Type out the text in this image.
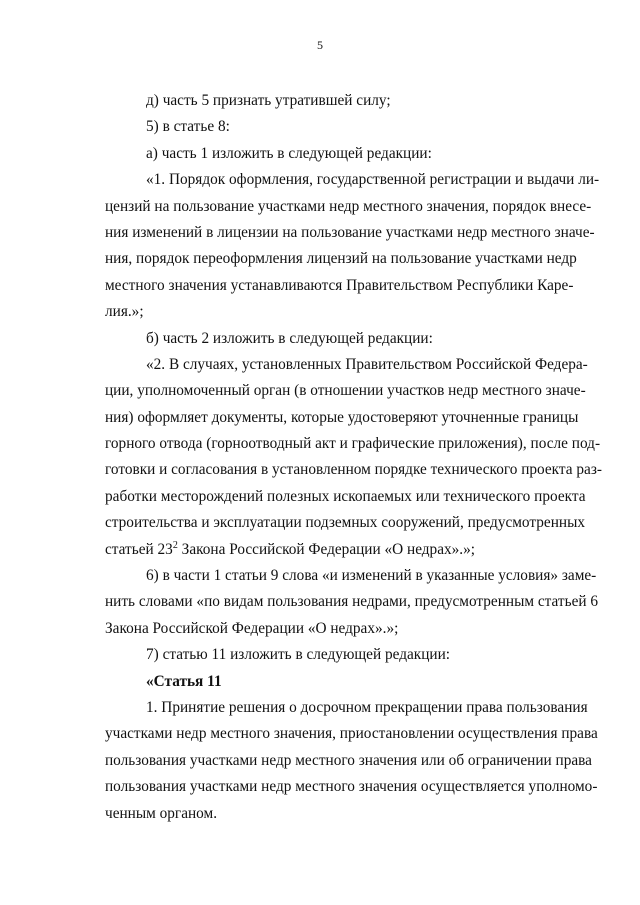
5
д) часть 5 признать утратившей силу;
5) в статье 8:
а) часть 1 изложить в следующей редакции:
«1. Порядок оформления, государственной регистрации и выдачи ли-
цензий на пользование участками недр местного значения, порядок внесе-
ния изменений в лицензии на пользование участками недр местного значе-
ния, порядок переоформления лицензий на пользование участками недр
местного значения устанавливаются Правительством Республики Каре-
лия.»;
б) часть 2 изложить в следующей редакции:
«2. В случаях, установленных Правительством Российской Федера-
ции, уполномоченный орган (в отношении участков недр местного значе-
ния) оформляет документы, которые удостоверяют уточненные границы
горного отвода (горноотводный акт и графические приложения), после под-
готовки и согласования в установленном порядке технического проекта раз-
работки месторождений полезных ископаемых или технического проекта
строительства и эксплуатации подземных сооружений, предусмотренных
статьей $23^2$ Закона Российской Федерации «О недрах».»;
6) в части 1 статьи 9 слова «и изменений в указанные условия» заме-
нить словами «по видам пользования недрами, предусмотренным статьей 6
Закона Российской Федерации «О недрах».»;
7) статью 11 изложить в следующей редакции:
«Статья 11
1. Принятие решения о досрочном прекращении права пользования
участками недр местного значения, приостановлении осуществления права
пользования участками недр местного значения или об ограничении права
пользования участками недр местного значения осуществляется уполномо-
ченным органом.
